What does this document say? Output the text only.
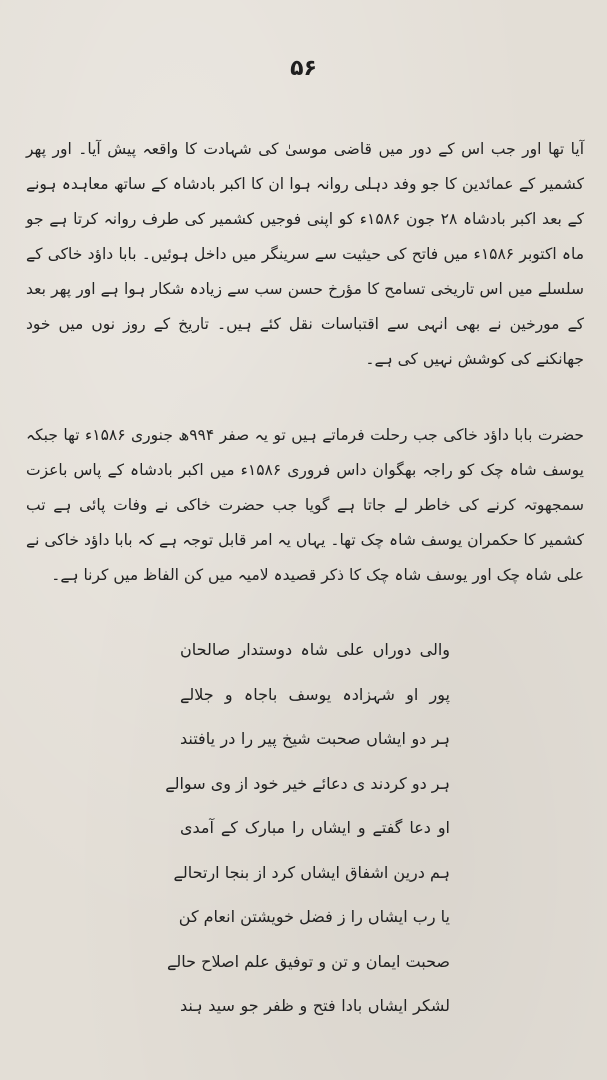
۵۶

آیا تھا اور جب اس کے دور میں قاضی موسیٰ کی شہادت کا واقعہ پیش آیا۔ اور پھر کشمیر کے عمائدین کا جو وفد دہلی روانہ ہوا ان کا اکبر بادشاہ کے ساتھ معاہدہ ہونے کے بعد اکبر بادشاہ ۲۸ جون ۱۵۸۶ء کو اپنی فوجیں کشمیر کی طرف روانہ کرتا ہے جو ماہ اکتوبر ۱۵۸۶ء میں فاتح کی حیثیت سے سرینگر میں داخل ہوئیں۔ بابا داؤد خاکی کے سلسلے میں اس تاریخی تسامح کا مؤرخ حسن سب سے زیادہ شکار ہوا ہے اور پھر بعد کے مورخین نے بھی انہی سے اقتباسات نقل کئے ہیں۔ تاریخ کے روز نوں میں خود جھانکنے کی کوشش نہیں کی ہے۔

حضرت بابا داؤد خاکی جب رحلت فرماتے ہیں تو یہ صفر ۹۹۴ھ جنوری ۱۵۸۶ء تھا جبکہ یوسف شاہ چک کو راجہ بھگوان داس فروری ۱۵۸۶ء میں اکبر بادشاہ کے پاس باعزت سمجھوتہ کرنے کی خاطر لے جاتا ہے گویا جب حضرت خاکی نے وفات پائی ہے تب کشمیر کا حکمران یوسف شاہ چک تھا۔ یہاں یہ امر قابل توجہ ہے کہ بابا داؤد خاکی نے علی شاہ چک اور یوسف شاہ چک کا ذکر قصیدہ لامیہ میں کن الفاظ میں کرنا ہے۔

والی دوراں علی شاہ دوستدار صالحان
پور او شہزادہ یوسف باجاہ و جلالے
ہر دو ایشاں صحبت شیخ پیر را در یافتند
ہر دو کردند ی دعائے خیر خود از وی سوالے
او دعا گفتے و ایشاں را مبارک کے آمدی
ہم درین اشفاق ایشاں کرد از بنجا ارتحالے
یا رب ایشاں را ز فضل خویشتن انعام کن
صحبت ایمان و تن و توفیق علم اصلاح حالے
لشکر ایشاں بادا فتح و ظفر جو سید ہند
